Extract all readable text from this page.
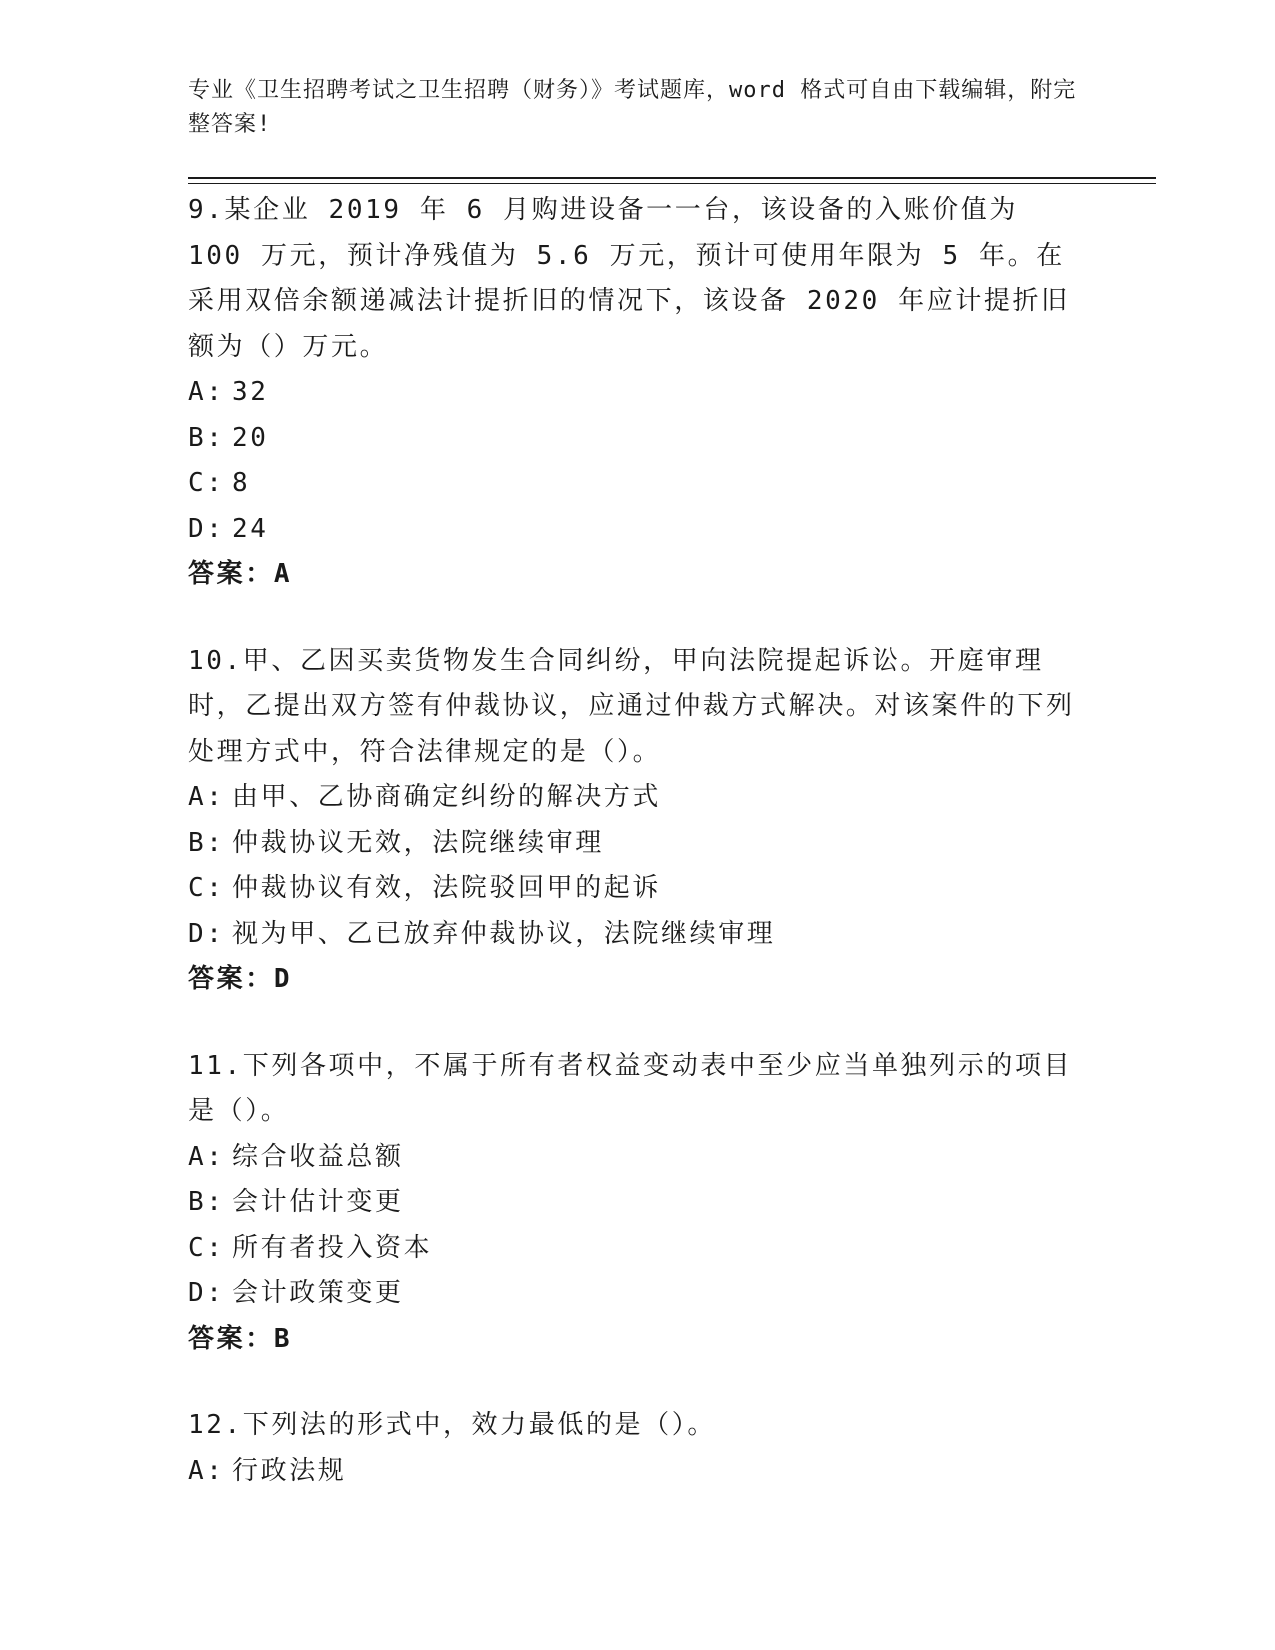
专业《卫生招聘考试之卫生招聘（财务）》考试题库，word 格式可自由下载编辑，附完整答案!

9.某企业 2019 年 6 月购进设备一一台，该设备的入账价值为 100 万元，预计净残值为 5.6 万元，预计可使用年限为 5 年。在采用双倍余额递减法计提折旧的情况下，该设备 2020 年应计提折旧额为（）万元。

A: 32

B: 20

C: 8

D: 24

答案：A

10.甲、乙因买卖货物发生合同纠纷，甲向法院提起诉讼。开庭审理时，乙提出双方签有仲裁协议，应通过仲裁方式解决。对该案件的下列处理方式中，符合法律规定的是（）。

A: 由甲、乙协商确定纠纷的解决方式

B: 仲裁协议无效，法院继续审理

C: 仲裁协议有效，法院驳回甲的起诉

D: 视为甲、乙已放弃仲裁协议，法院继续审理

答案：D

11.下列各项中，不属于所有者权益变动表中至少应当单独列示的项目是（）。

A: 综合收益总额

B: 会计估计变更

C: 所有者投入资本

D: 会计政策变更

答案：B

12.下列法的形式中，效力最低的是（）。

A: 行政法规
